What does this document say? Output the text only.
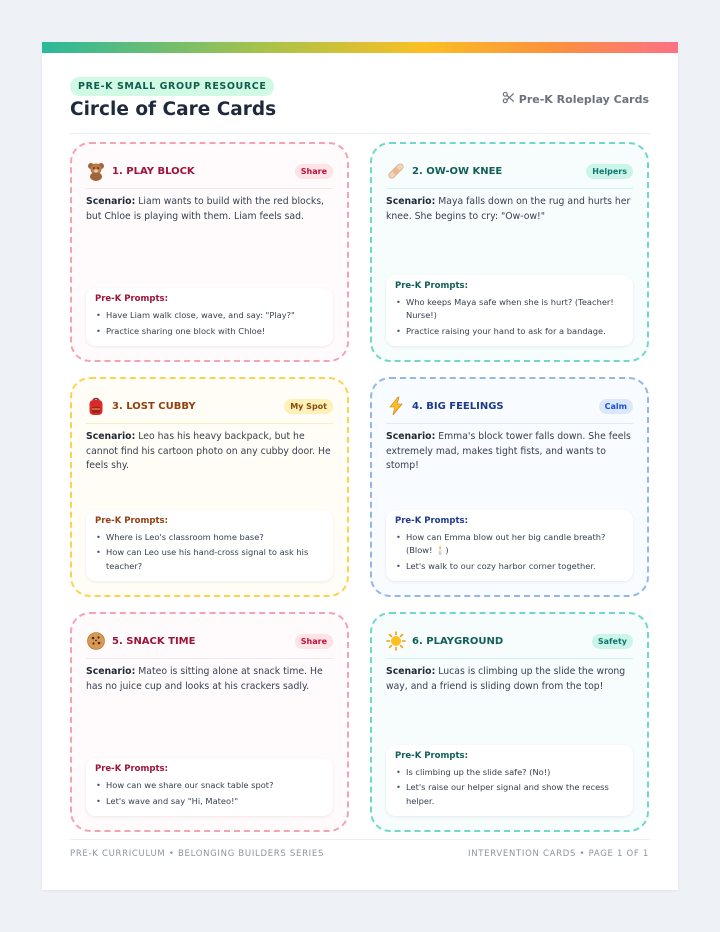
PRE-K SMALL GROUP RESOURCE
Circle of Care Cards	Pre-K Roleplay Cards
1. PLAY BLOCK	Share

Scenario: Liam wants to build with the red blocks, but Chloe is playing with them. Liam feels sad.

Pre-K Prompts:
• Have Liam walk close, wave, and say: "Play?"
• Practice sharing one block with Chloe!
2. OW-OW KNEE	Helpers

Scenario: Maya falls down on the rug and hurts her knee. She begins to cry: "Ow-ow!"

Pre-K Prompts:
• Who keeps Maya safe when she is hurt? (Teacher! Nurse!)
• Practice raising your hand to ask for a bandage.
3. LOST CUBBY	My Spot

Scenario: Leo has his heavy backpack, but he cannot find his cartoon photo on any cubby door. He feels shy.

Pre-K Prompts:
• Where is Leo's classroom home base?
• How can Leo use his hand-cross signal to ask his teacher?
4. BIG FEELINGS	Calm

Scenario: Emma's block tower falls down. She feels extremely mad, makes tight fists, and wants to stomp!

Pre-K Prompts:
• How can Emma blow out her big candle breath? (Blow! 🕯️)
• Let's walk to our cozy harbor corner together.
5. SNACK TIME	Share

Scenario: Mateo is sitting alone at snack time. He has no juice cup and looks at his crackers sadly.

Pre-K Prompts:
• How can we share our snack table spot?
• Let's wave and say "Hi, Mateo!"
6. PLAYGROUND	Safety

Scenario: Lucas is climbing up the slide the wrong way, and a friend is sliding down from the top!

Pre-K Prompts:
• Is climbing up the slide safe? (No!)
• Let's raise our helper signal and show the recess helper.
PRE-K CURRICULUM • BELONGING BUILDERS SERIES	INTERVENTION CARDS • PAGE 1 OF 1
